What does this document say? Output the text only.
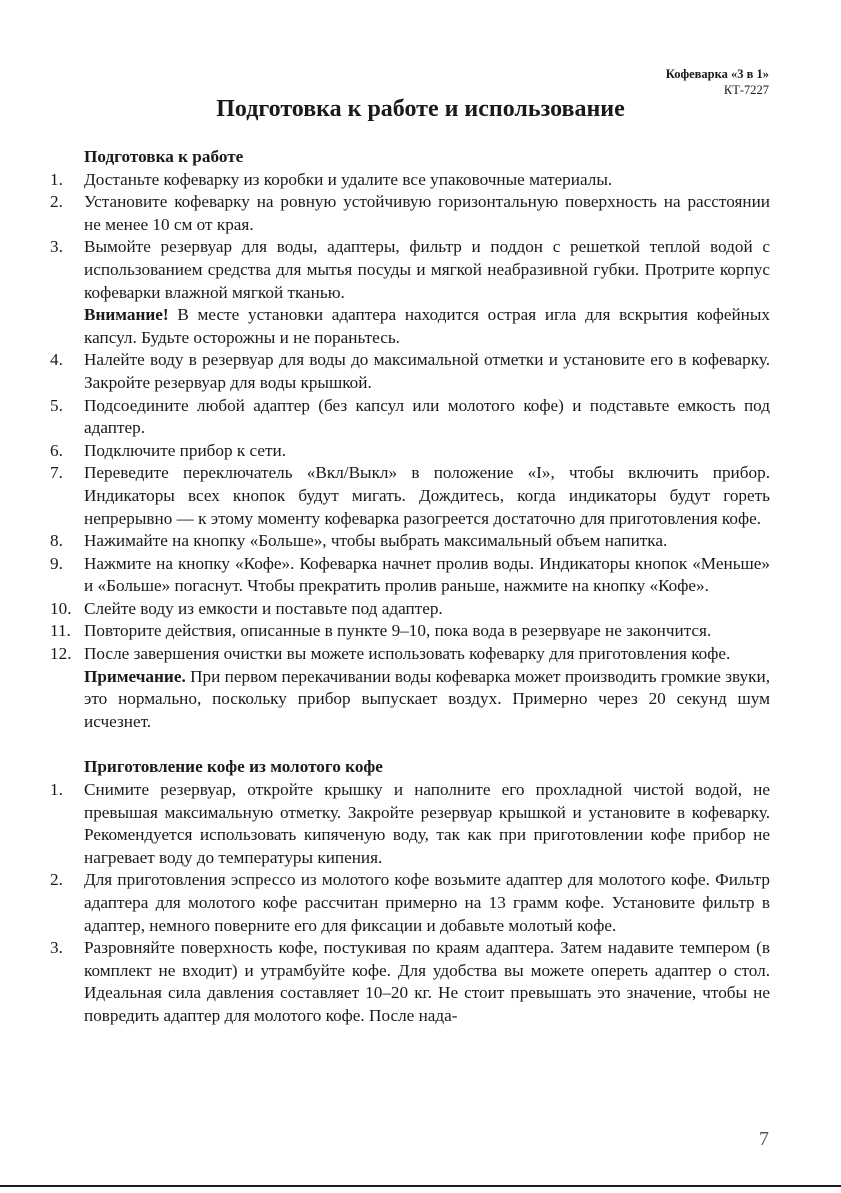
Кофеварка «3 в 1»
КТ-7227
Подготовка к работе и использование
Подготовка к работе
1.	Достаньте кофеварку из коробки и удалите все упаковочные материалы.
2.	Установите кофеварку на ровную устойчивую горизонтальную поверхность на расстоянии не менее 10 см от края.
3.	Вымойте резервуар для воды, адаптеры, фильтр и поддон с решеткой теплой водой с использованием средства для мытья посуды и мягкой неабразивной губки. Протрите корпус кофеварки влажной мягкой тканью.
Внимание! В месте установки адаптера находится острая игла для вскрытия кофейных капсул. Будьте осторожны и не пораньтесь.
4.	Налейте воду в резервуар для воды до максимальной отметки и установите его в кофеварку. Закройте резервуар для воды крышкой.
5.	Подсоедините любой адаптер (без капсул или молотого кофе) и подставьте емкость под адаптер.
6.	Подключите прибор к сети.
7.	Переведите переключатель «Вкл/Выкл» в положение «I», чтобы включить прибор. Индикаторы всех кнопок будут мигать. Дождитесь, когда индикаторы будут гореть непрерывно — к этому моменту кофеварка разогреется достаточно для приготовления кофе.
8.	Нажимайте на кнопку «Больше», чтобы выбрать максимальный объем напитка.
9.	Нажмите на кнопку «Кофе». Кофеварка начнет пролив воды. Индикаторы кнопок «Меньше» и «Больше» погаснут. Чтобы прекратить пролив раньше, нажмите на кнопку «Кофе».
10. Слейте воду из емкости и поставьте под адаптер.
11. Повторите действия, описанные в пункте 9–10, пока вода в резервуаре не закончится.
12. После завершения очистки вы можете использовать кофеварку для приготовления кофе.
Примечание. При первом перекачивании воды кофеварка может производить громкие звуки, это нормально, поскольку прибор выпускает воздух. Примерно через 20 секунд шум исчезнет.
Приготовление кофе из молотого кофе
1.	Снимите резервуар, откройте крышку и наполните его прохладной чистой водой, не превышая максимальную отметку. Закройте резервуар крышкой и установите в кофеварку. Рекомендуется использовать кипяченую воду, так как при приготовлении кофе прибор не нагревает воду до температуры кипения.
2.	Для приготовления эспрессо из молотого кофе возьмите адаптер для молотого кофе. Фильтр адаптера для молотого кофе рассчитан примерно на 13 грамм кофе. Установите фильтр в адаптер, немного поверните его для фиксации и добавьте молотый кофе.
3.	Разровняйте поверхность кофе, постукивая по краям адаптера. Затем надавите темпером (в комплект не входит) и утрамбуйте кофе. Для удобства вы можете опереть адаптер о стол. Идеальная сила давления составляет 10–20 кг. Не стоит превышать это значение, чтобы не повредить адаптер для молотого кофе. После нада-
7
